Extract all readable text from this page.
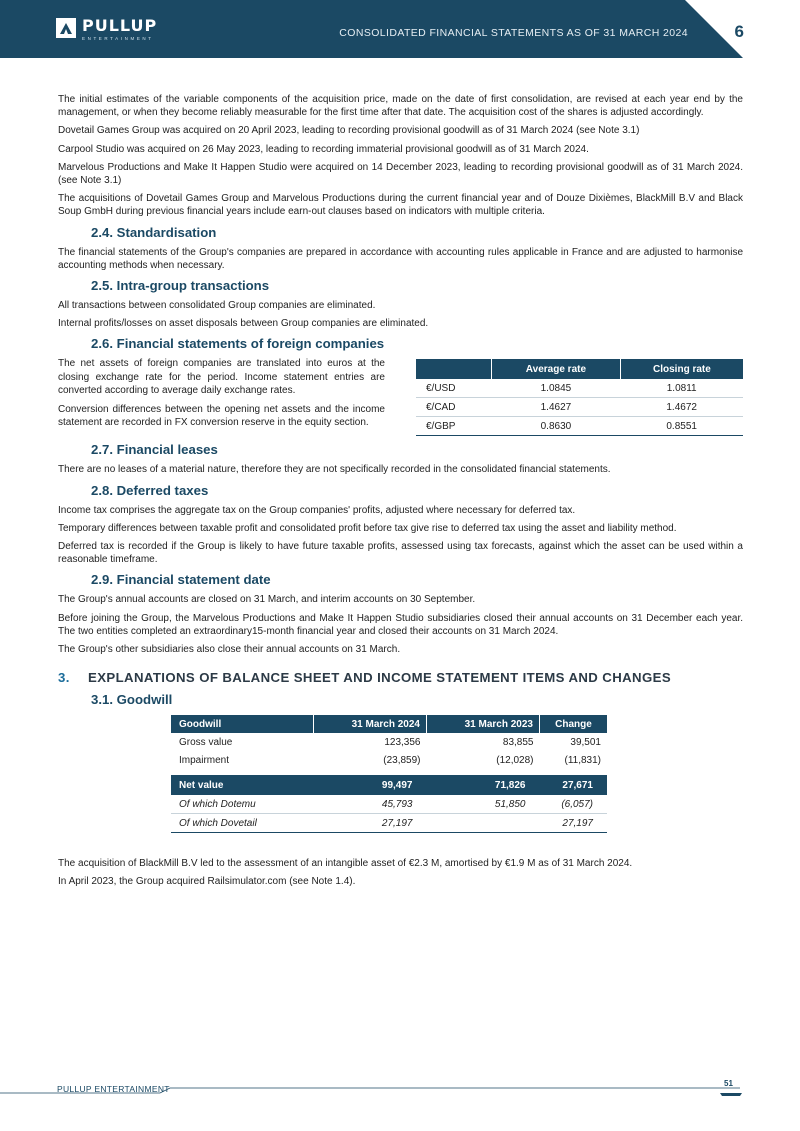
PULLUP
ENTERTAINMENT	CONSOLIDATED FINANCIAL STATEMENTS AS OF 31 MARCH 2024	6

The initial estimates of the variable components of the acquisition price, made on the date of first consolidation, are revised at each year end by the management, or when they become reliably measurable for the first time after that date. The acquisition cost of the shares is adjusted accordingly.

Dovetail Games Group was acquired on 20 April 2023, leading to recording provisional goodwill as of 31 March 2024 (see Note 3.1)

Carpool Studio was acquired on 26 May 2023, leading to recording immaterial provisional goodwill as of 31 March 2024.

Marvelous Productions and Make It Happen Studio were acquired on 14 December 2023, leading to recording provisional goodwill as of 31 March 2024. (see Note 3.1)

The acquisitions of Dovetail Games Group and Marvelous Productions during the current financial year and of Douze Dixièmes, BlackMill B.V and Black Soup GmbH during previous financial years include earn-out clauses based on indicators with multiple criteria.

2.4. Standardisation

The financial statements of the Group's companies are prepared in accordance with accounting rules applicable in France and are adjusted to harmonise accounting methods when necessary.

2.5. Intra-group transactions

All transactions between consolidated Group companies are eliminated.

Internal profits/losses on asset disposals between Group companies are eliminated.

2.6. Financial statements of foreign companies

The net assets of foreign companies are translated into euros at the closing exchange rate for the period. Income statement entries are converted according to average daily exchange rates.

Conversion differences between the opening net assets and the income statement are recorded in FX conversion reserve in the equity section.

	Average rate	Closing rate
€/USD	1.0845	1.0811
€/CAD	1.4627	1.4672
€/GBP	0.8630	0.8551
2.7. Financial leases

There are no leases of a material nature, therefore they are not specifically recorded in the consolidated financial statements.

2.8. Deferred taxes

Income tax comprises the aggregate tax on the Group companies' profits, adjusted where necessary for deferred tax.

Temporary differences between taxable profit and consolidated profit before tax give rise to deferred tax using the asset and liability method.

Deferred tax is recorded if the Group is likely to have future taxable profits, assessed using tax forecasts, against which the asset can be used within a reasonable timeframe.

2.9. Financial statement date

The Group's annual accounts are closed on 31 March, and interim accounts on 30 September.

Before joining the Group, the Marvelous Productions and Make It Happen Studio subsidiaries closed their annual accounts on 31 December each year. The two entities completed an extraordinary15-month financial year and closed their accounts on 31 March 2024.

The Group's other subsidiaries also close their annual accounts on 31 March.

3.	EXPLANATIONS OF BALANCE SHEET AND INCOME STATEMENT ITEMS AND CHANGES
3.1. Goodwill
Goodwill	31 March 2024	31 March 2023	Change
Gross value	123,356	83,855	39,501
Impairment	(23,859)	(12,028)	(11,831)

Net value	99,497	71,826	27,671
Of which Dotemu	45,793	51,850	(6,057)
Of which Dovetail	27,197		27,197

The acquisition of BlackMill B.V led to the assessment of an intangible asset of €2.3 M, amortised by €1.9 M as of 31 March 2024.

In April 2023, the Group acquired Railsimulator.com (see Note 1.4).

PULLUP ENTERTAINMENT
51
